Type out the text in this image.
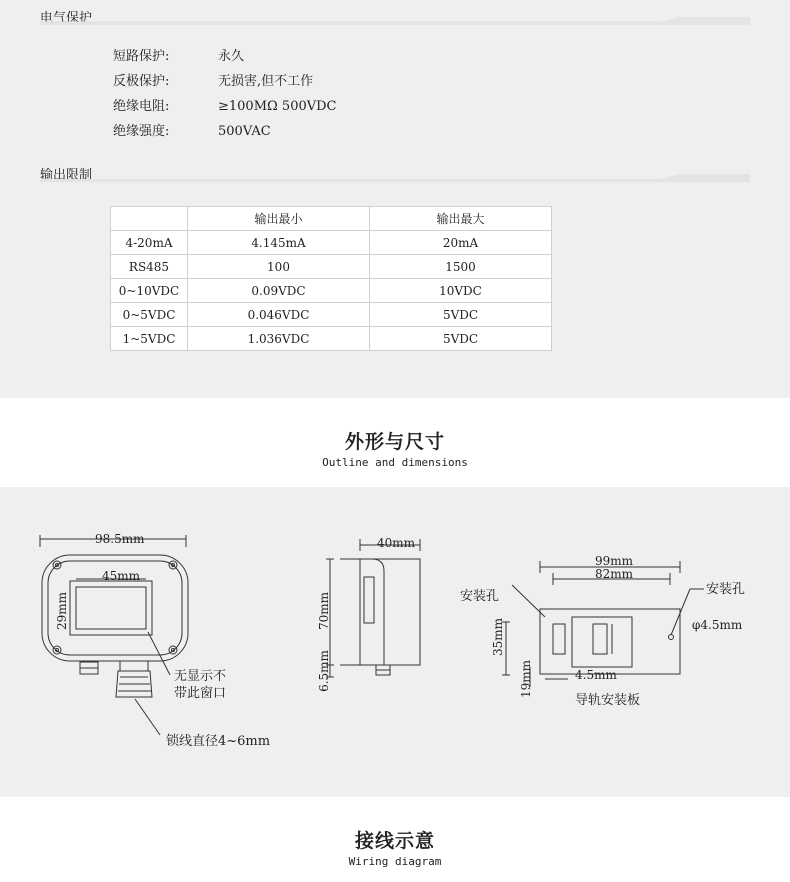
电气保护
短路保护:	永久
反极保护:	无损害,但不工作
绝缘电阻:	≥100MΩ 500VDC
绝缘强度:	500VAC
输出限制
	输出最小	输出最大
4-20mA	4.145mA	20mA
RS485	100	1500
0~10VDC	0.09VDC	10VDC
0~5VDC	0.046VDC	5VDC
1~5VDC	1.036VDC	5VDC
外形与尺寸
Outline and dimensions
98.5mm
45mm
29mm
无显示不
带此窗口
锁线直径4~6mm
40mm
70mm
6.5mm
99mm
82mm
安装孔	安装孔
φ4.5mm
35mm
4.5mm
19mm
导轨安装板
接线示意
Wiring diagram
